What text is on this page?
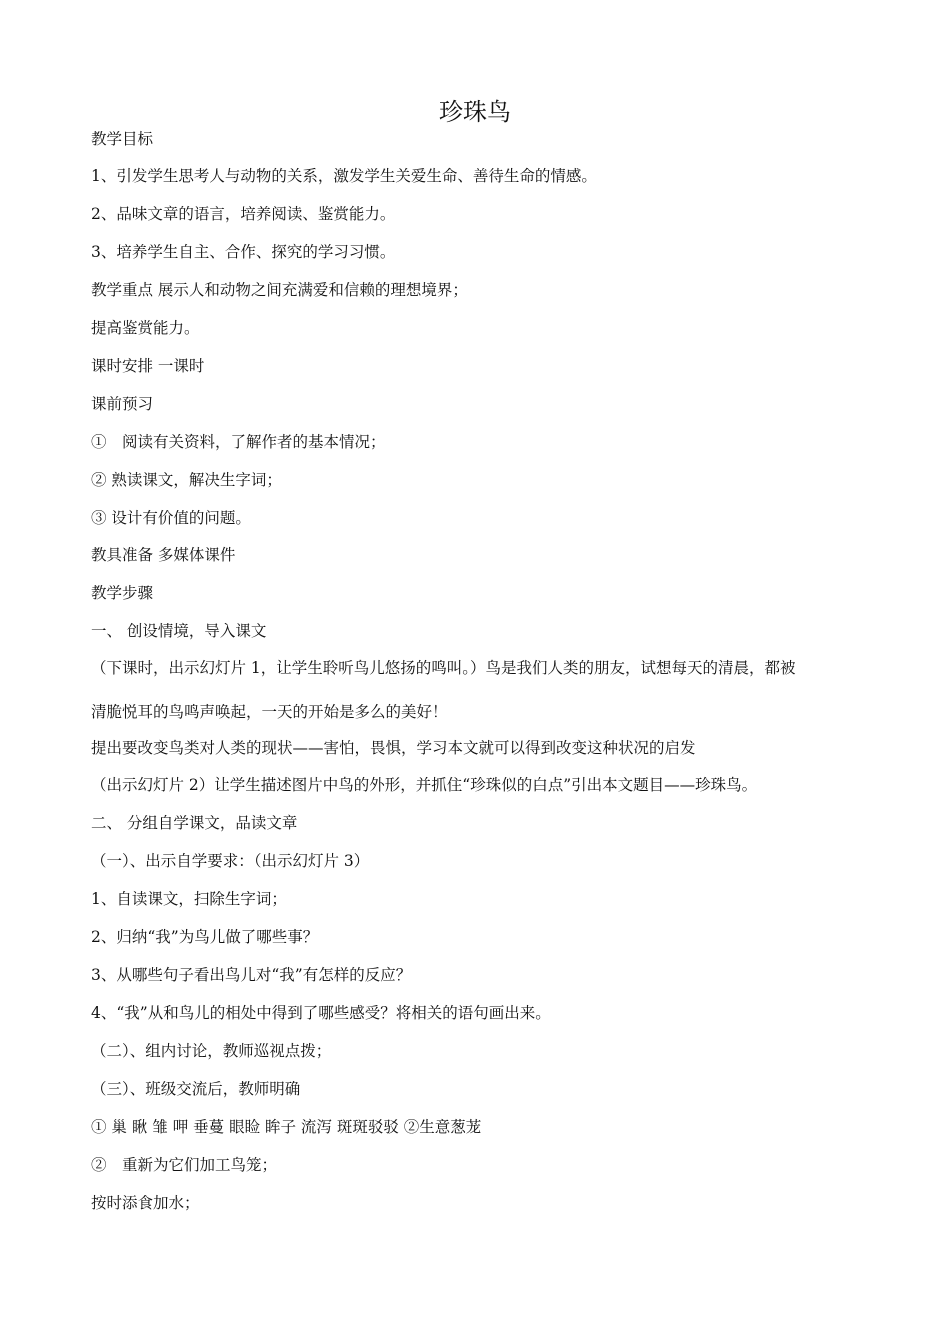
珍珠鸟
教学目标
1、引发学生思考人与动物的关系，激发学生关爱生命、善待生命的情感。
2、品味文章的语言，培养阅读、鉴赏能力。
3、培养学生自主、合作、探究的学习习惯。
教学重点 展示人和动物之间充满爱和信赖的理想境界；
提高鉴赏能力。
课时安排 一课时
课前预习
①　阅读有关资料，了解作者的基本情况；
② 熟读课文，解决生字词；
③ 设计有价值的问题。
教具准备 多媒体课件
教学步骤
一、 创设情境，导入课文
（下课时，出示幻灯片 1，让学生聆听鸟儿悠扬的鸣叫。）鸟是我们人类的朋友，试想每天的清晨，都被
清脆悦耳的鸟鸣声唤起，一天的开始是多么的美好！
提出要改变鸟类对人类的现状——害怕，畏惧，学习本文就可以得到改变这种状况的启发
（出示幻灯片 2）让学生描述图片中鸟的外形，并抓住“珍珠似的白点”引出本文题目——珍珠鸟。
二、 分组自学课文，品读文章
（一）、出示自学要求：（出示幻灯片 3）
1、自读课文，扫除生字词；
2、归纳“我”为鸟儿做了哪些事？
3、从哪些句子看出鸟儿对“我”有怎样的反应？
4、“我”从和鸟儿的相处中得到了哪些感受？将相关的语句画出来。
（二）、组内讨论，教师巡视点拨；
（三）、班级交流后，教师明确
① 巢 瞅 雏 呷 垂蔓 眼睑 眸子 流泻 斑斑驳驳 ②生意葱茏
②　重新为它们加工鸟笼；
按时添食加水；
